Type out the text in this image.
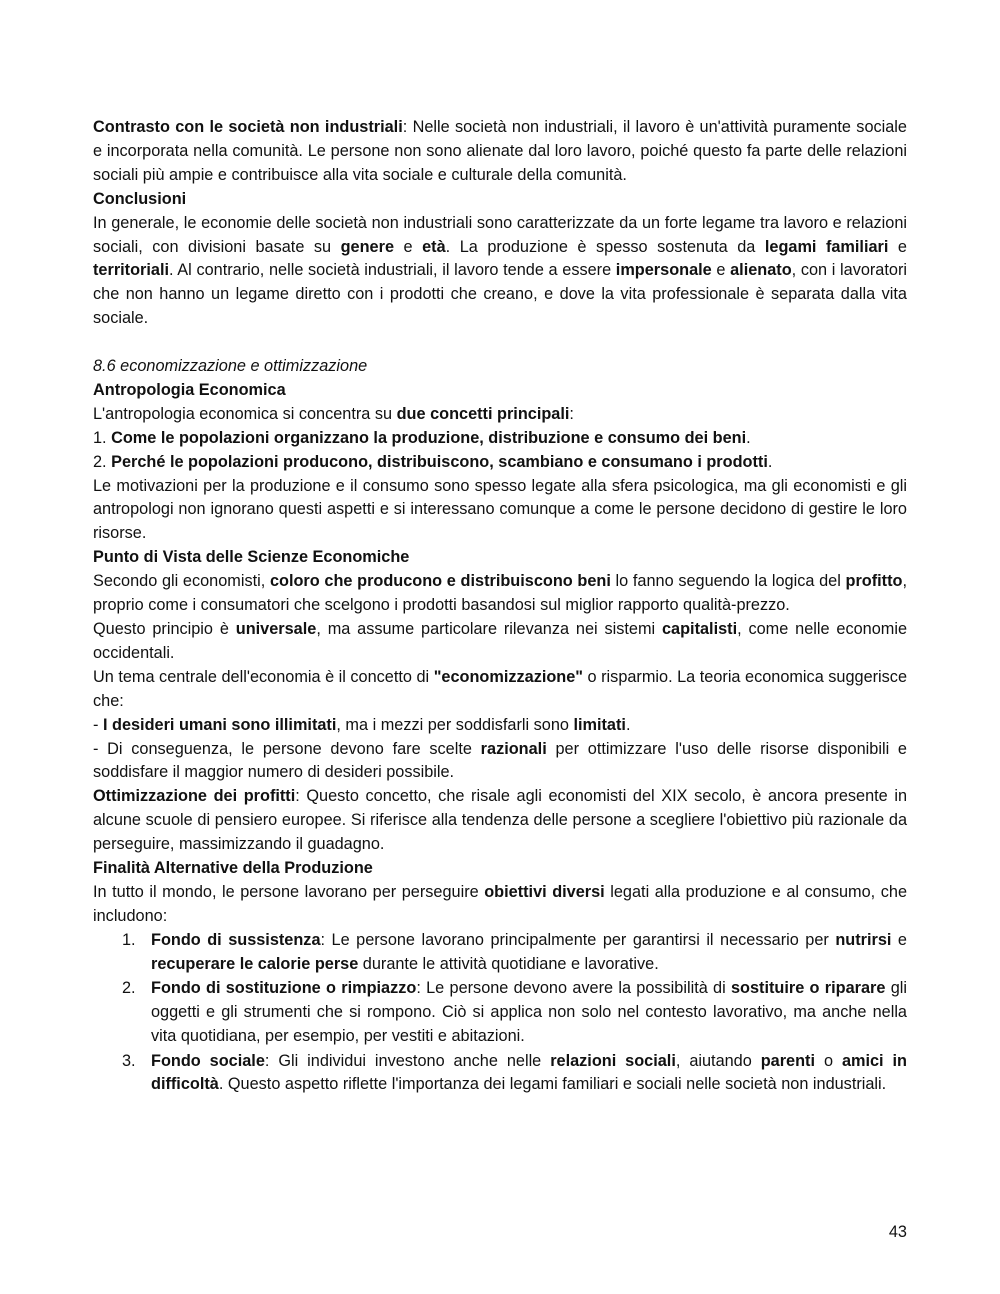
Contrasto con le società non industriali: Nelle società non industriali, il lavoro è un'attività puramente sociale e incorporata nella comunità. Le persone non sono alienate dal loro lavoro, poiché questo fa parte delle relazioni sociali più ampie e contribuisce alla vita sociale e culturale della comunità.

Conclusioni

In generale, le economie delle società non industriali sono caratterizzate da un forte legame tra lavoro e relazioni sociali, con divisioni basate su genere e età. La produzione è spesso sostenuta da legami familiari e territoriali. Al contrario, nelle società industriali, il lavoro tende a essere impersonale e alienato, con i lavoratori che non hanno un legame diretto con i prodotti che creano, e dove la vita professionale è separata dalla vita sociale.

8.6 economizzazione e ottimizzazione

Antropologia Economica

L'antropologia economica si concentra su due concetti principali:

1. Come le popolazioni organizzano la produzione, distribuzione e consumo dei beni.

2. Perché le popolazioni producono, distribuiscono, scambiano e consumano i prodotti.

Le motivazioni per la produzione e il consumo sono spesso legate alla sfera psicologica, ma gli economisti e gli antropologi non ignorano questi aspetti e si interessano comunque a come le persone decidono di gestire le loro risorse.

Punto di Vista delle Scienze Economiche

Secondo gli economisti, coloro che producono e distribuiscono beni lo fanno seguendo la logica del profitto, proprio come i consumatori che scelgono i prodotti basandosi sul miglior rapporto qualità-prezzo.

Questo principio è universale, ma assume particolare rilevanza nei sistemi capitalisti, come nelle economie occidentali.

Un tema centrale dell'economia è il concetto di "economizzazione" o risparmio. La teoria economica suggerisce che:

- I desideri umani sono illimitati, ma i mezzi per soddisfarli sono limitati.

- Di conseguenza, le persone devono fare scelte razionali per ottimizzare l'uso delle risorse disponibili e soddisfare il maggior numero di desideri possibile.

Ottimizzazione dei profitti: Questo concetto, che risale agli economisti del XIX secolo, è ancora presente in alcune scuole di pensiero europee. Si riferisce alla tendenza delle persone a scegliere l'obiettivo più razionale da perseguire, massimizzando il guadagno.

Finalità Alternative della Produzione

In tutto il mondo, le persone lavorano per perseguire obiettivi diversi legati alla produzione e al consumo, che includono:

1. Fondo di sussistenza: Le persone lavorano principalmente per garantirsi il necessario per nutrirsi e recuperare le calorie perse durante le attività quotidiane e lavorative.
2. Fondo di sostituzione o rimpiazzo: Le persone devono avere la possibilità di sostituire o riparare gli oggetti e gli strumenti che si rompono. Ciò si applica non solo nel contesto lavorativo, ma anche nella vita quotidiana, per esempio, per vestiti e abitazioni.
3. Fondo sociale: Gli individui investono anche nelle relazioni sociali, aiutando parenti o amici in difficoltà. Questo aspetto riflette l'importanza dei legami familiari e sociali nelle società non industriali.
43
